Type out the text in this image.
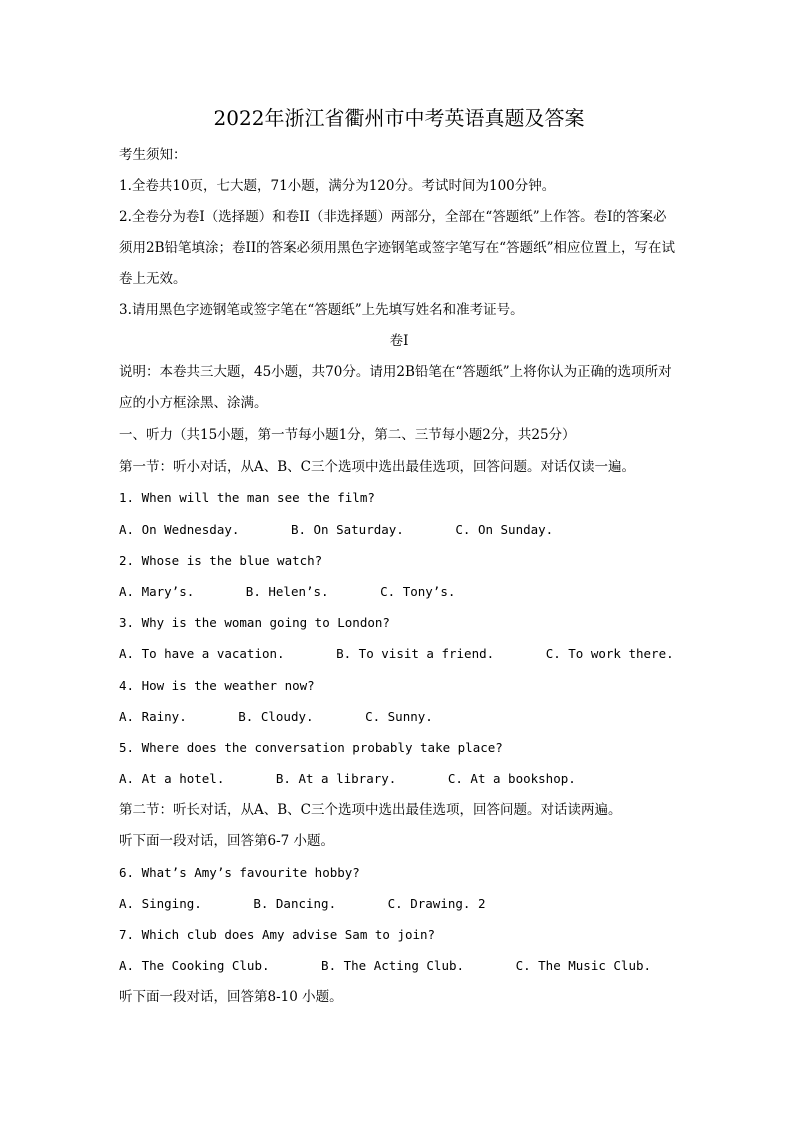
2022年浙江省衢州市中考英语真题及答案
考生须知：
1.全卷共10页，七大题，71小题，满分为120分。考试时间为100分钟。
2.全卷分为卷I（选择题）和卷II（非选择题）两部分，全部在“答题纸”上作答。卷I的答案必须用2B铅笔填涂；卷II的答案必须用黑色字迹钢笔或签字笔写在“答题纸”相应位置上，写在试卷上无效。
3.请用黑色字迹钢笔或签字笔在“答题纸”上先填写姓名和准考证号。
卷I
说明：本卷共三大题，45小题，共70分。请用2B铅笔在“答题纸”上将你认为正确的选项所对应的小方框涂黑、涂满。
一、听力（共15小题，第一节每小题1分，第二、三节每小题2分，共25分）
第一节：听小对话，从A、B、C三个选项中选出最佳选项，回答问题。对话仅读一遍。
1. When will the man see the film?
A. On Wednesday.	B. On Saturday.	C. On Sunday.
2. Whose is the blue watch?
A. Mary’s.	B. Helen’s.	C. Tony’s.
3. Why is the woman going to London?
A. To have a vacation.	B. To visit a friend.	C. To work there.
4. How is the weather now?
A. Rainy.	B. Cloudy.	C. Sunny.
5. Where does the conversation probably take place?
A. At a hotel.	B. At a library.	C. At a bookshop.
第二节：听长对话，从A、B、C三个选项中选出最佳选项，回答问题。对话读两遍。
听下面一段对话，回答第6-7 小题。
6. What’s Amy’s favourite hobby?
A. Singing.	B. Dancing.	C. Drawing. 2
7. Which club does Amy advise Sam to join?
A. The Cooking Club.	B. The Acting Club.	C. The Music Club.
听下面一段对话，回答第8-10 小题。
